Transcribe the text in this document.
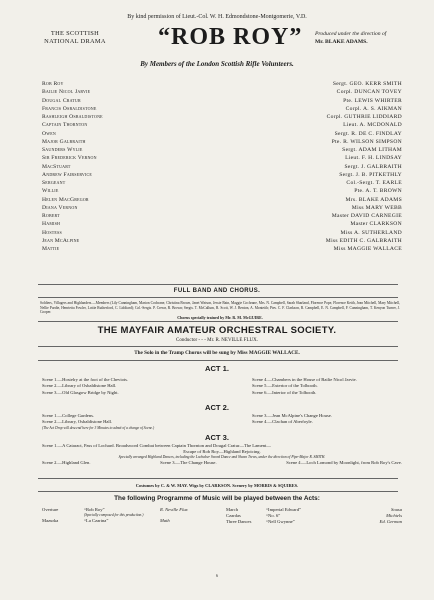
By kind permission of Lieut.-Col. W. H. Edmondstone-Montgomerie, V.D.
THE SCOTTISH
NATIONAL DRAMA “ROB ROY” Produced under the direction of
Mr. BLAKE ADAMS.
By Members of the London Scottish Rifle Volunteers.
Rob Roy	Sergt. GEO. KERR SMITH
Bailie Nicol Jarvie	Corpl. DUNCAN TOVEY
Dougal Cratur	Pte. LEWIS WHIRTER
Francis Osbaldistone	Corpl. A. S. AIKMAN
Rashleigh Osbaldistone	Corpl. GUTHRIE LIDDIARD
Captain Thornton	Lieut. A. MCDONALD
Owen	Sergt. R. DE C. FINDLAY
Major Galbraith	Pte. R. WILSON SIMPSON
Saunders Wylie	Sergt. ADAM LITHAM
Sir Frederick Vernon	Lieut. F. H. LINDSAY
MacStuart	Sergt. J. GALBRAITH
Andrew Fairservice	Sergt. J. B. PITKETHLY
Sergeant	Col.-Sergt. T. EARLE
Willie	Pte. A. T. BROWN
Helen MacGregor	Mrs. BLAKE ADAMS
Diana Vernon	Miss MARY WEBB
Robert	Master DAVID CARNEGIE
Hamish	Master CLARKSON
Hostess	Miss A. SUTHERLAND
Jean McAlpine	Miss EDITH C. GALBRAITH
Mattie	Miss MAGGIE WALLACE
FULL BAND AND CHORUS.
Soldiers, Villagers and Highlanders.—Members (Lily Cunningham, Marion Cochrane, Christina Brown, Janet Watson, Jessie Bain, Maggie Cochrane, Mrs. N. Campbell, Sarah Sharland, Florence Pope, Florence Keith, Jean Mitchell, Mary Mitchell, Nellie Purdie, Henrietta Fowler, Lottie Rutherford, C. Liddiard); Col.-Sergts. P. Crerar, R. Brown; Sergts. T. McCallum, R. Scott, W. J. Benton, A. Monteith; Ptes. C. F. Clarkson, R. Campbell, E. N. Campbell, F. Cunningham, T. Kenyon Turner, J. Cooper.
Chorus specially trained by Mr. R. M. McGUIRE.
THE MAYFAIR AMATEUR ORCHESTRAL SOCIETY.
Conductor - - - Mr. R. NEVILLE FLUX.
The Solo in the Tramp Chorus will be sung by Miss MAGGIE WALLACE.
ACT 1.
Scene 1.—Hostelry at the foot of the Cheviots.
Scene 2.—Library of Osbaldistone Hall.
Scene 3.—Old Glasgow Bridge by Night.
Scene 4.—Chambers in the House of Bailie Nicol Jarvie.
Scene 5.—Exterior of the Tolbooth.
Scene 6.—Interior of the Tolbooth.
ACT 2.
Scene 1.—College Gardens.
Scene 2.—Library, Osbaldistone Hall.
(The Act Drop will descend here for 3 Minutes to admit of a change of Scene.)
Scene 3.—Jean McAlpine's Change House.
Scene 4.—Clachan of Aberfoyle.
ACT 3.
Scene 1.—A Cataract, Pass of Lochard. Broadsword Combat between Captain Thornton and Dougal Cratur—The Lament—
Escape of Rob Roy—Highland Rejoicing.
Specially arranged Highland Dances, including the Lochaber Sword Dance and Shean Trews, under the direction of Pipe-Major R. SMITH.
Scene 2.—Highland Glen.	Scene 3.—The Change House.	Scene 4.—Loch Lomond by Moonlight, from Rob Roy's Cave.
Costumes by C. & W. MAY. Wigs by CLARKSON. Scenery by MORRIS & SQUIRES.
The following Programme of Music will be played between the Acts:
Overture	“Rob Roy”	R. Neville Flux
(Specially composed for this production.)
Mazurka	“La Czarina”	Math
March	“Imperial Edward”	Sousa
Czardas	“No. 6”	Michiels
Three Dances	“Nell Gwynne”	Ed. German
6
